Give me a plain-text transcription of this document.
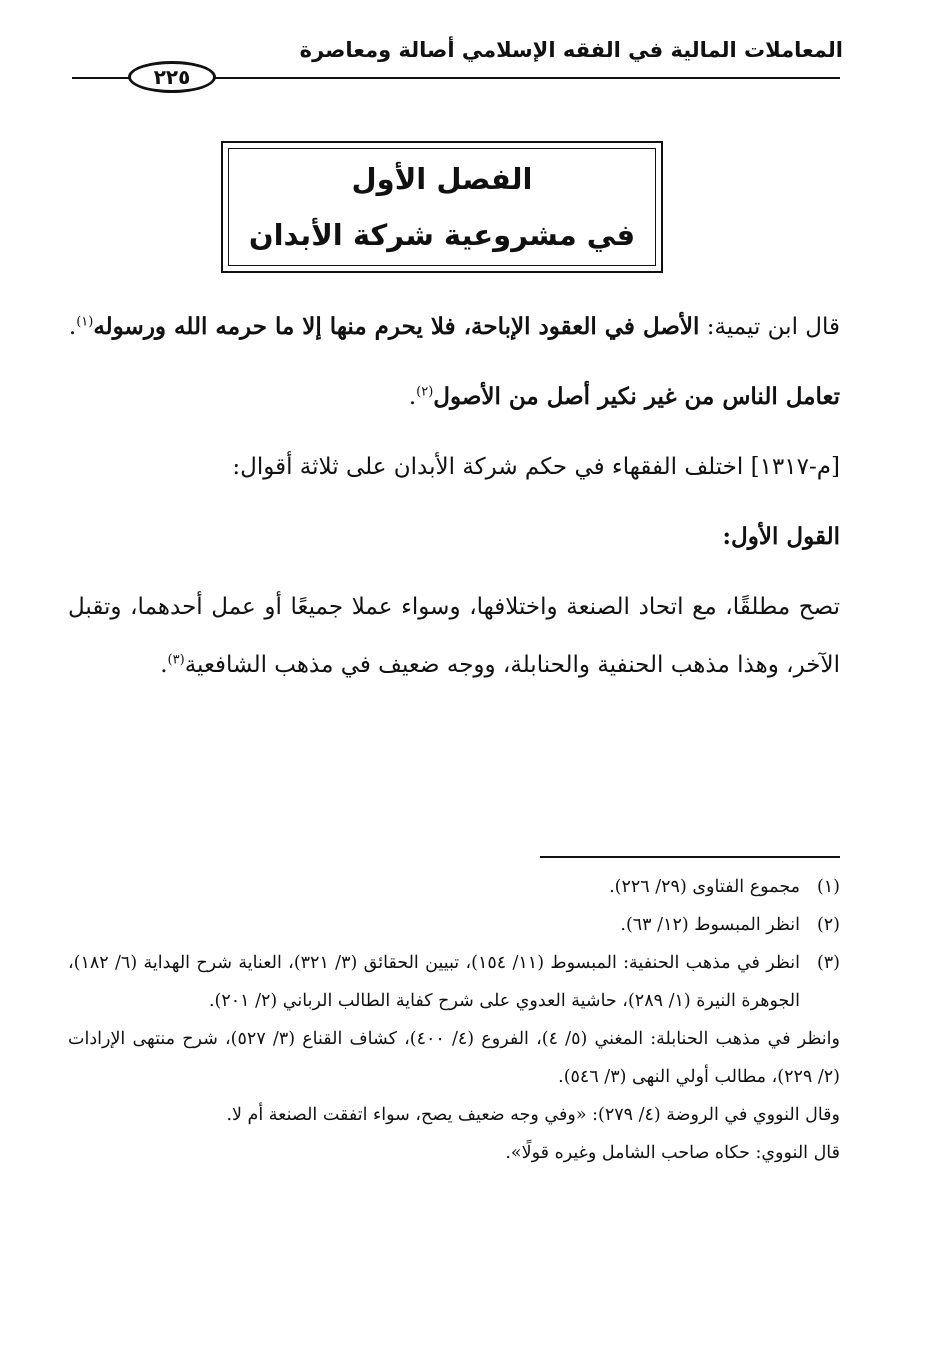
المعاملات المالية في الفقه الإسلامي أصالة ومعاصرة
٢٢٥
الفصل الأول
في مشروعية شركة الأبدان

قال ابن تيمية: الأصل في العقود الإباحة، فلا يحرم منها إلا ما حرمه الله ورسوله$^{(١)}$.

تعامل الناس من غير نكير أصل من الأصول$^{(٢)}$.

[م-١٣١٧] اختلف الفقهاء في حكم شركة الأبدان على ثلاثة أقوال:

القول الأول:

تصح مطلقًا، مع اتحاد الصنعة واختلافها، وسواء عملا جميعًا أو عمل أحدهما، وتقبل الآخر، وهذا مذهب الحنفية والحنابلة، ووجه ضعيف في مذهب الشافعية$^{(٣)}$.

(١)
مجموع الفتاوى (٢٩/ ٢٢٦).
(٢)
انظر المبسوط (١٢/ ٦٣).
(٣)
انظر في مذهب الحنفية: المبسوط (١١/ ١٥٤)، تبيين الحقائق (٣/ ٣٢١)، العناية شرح الهداية (٦/ ١٨٢)، الجوهرة النيرة (١/ ٢٨٩)، حاشية العدوي على شرح كفاية الطالب الرباني (٢/ ٢٠١).
وانظر في مذهب الحنابلة: المغني (٥/ ٤)، الفروع (٤/ ٤٠٠)، كشاف القناع (٣/ ٥٢٧)، شرح منتهى الإرادات (٢/ ٢٢٩)، مطالب أولي النهى (٣/ ٥٤٦).
وقال النووي في الروضة (٤/ ٢٧٩): «وفي وجه ضعيف يصح، سواء اتفقت الصنعة أم لا.
قال النووي: حكاه صاحب الشامل وغيره قولًا».
